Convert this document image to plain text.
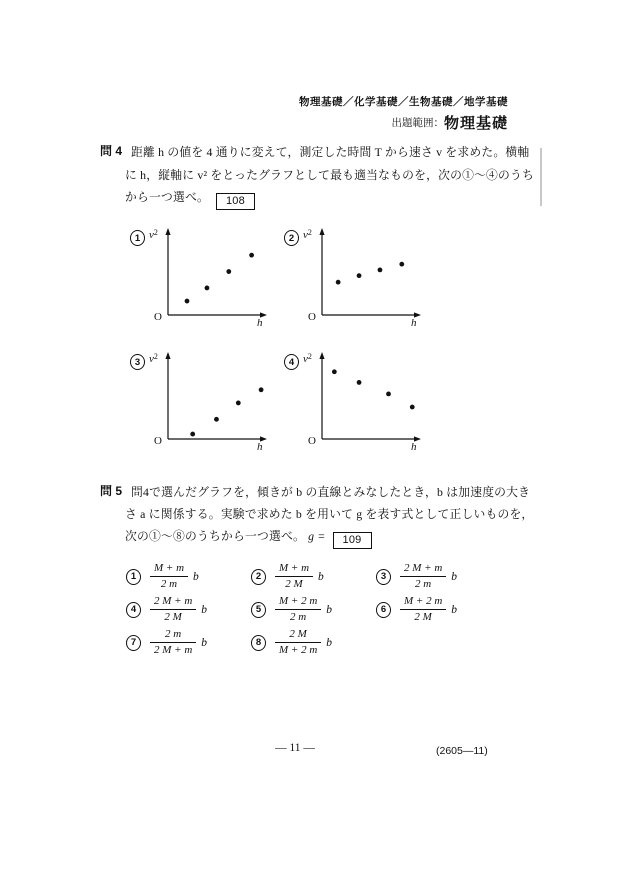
物理基礎／化学基礎／生物基礎／地学基礎
出題範囲：物理基礎
問 4 距離 h の値を 4 通りに変えて，測定した時間 T から速さ v を求めた。横軸
に h，縦軸に v² をとったグラフとして最も適当なものを，次の①～④のうち
から一つ選べ。 108
1 $v^2$
h
O
2 $v^2$
h
O
3 $v^2$
h
O
4 $v^2$
h
O
問 5 問4で選んだグラフを，傾きが b の直線とみなしたとき，b は加速度の大き
さ a に関係する。実験で求めた b を用いて g を表す式として正しいものを，
次の①～⑧のうちから一つ選べ。 g = 109
1	$\frac{M + m}{2 m}$ b	2	$\frac{M + m}{2 M}$ b	3	$\frac{2 M + m}{2 m}$ b
4	$\frac{2 M + m}{2 M}$ b	5	$\frac{M + 2 m}{2 m}$ b	6	$\frac{M + 2 m}{2 M}$ b
7	$\frac{2 m}{2 M + m}$ b	8	$\frac{2 M}{M + 2 m}$ b
— 11 —	(2605—11)
